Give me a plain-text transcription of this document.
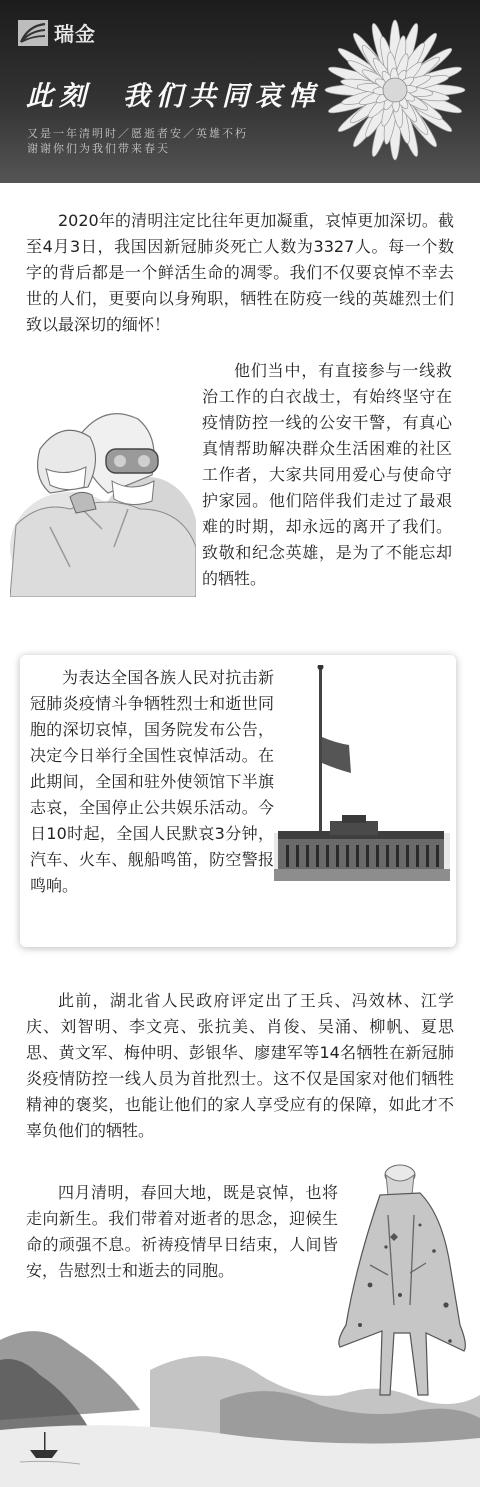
瑞金
此刻  我们共同哀悼
又是一年清明时／愿逝者安／英雄不朽
谢谢你们为我们带来春天

2020年的清明注定比往年更加凝重，哀悼更加深切。截至4月3日，我国因新冠肺炎死亡人数为3327人。每一个数字的背后都是一个鲜活生命的凋零。我们不仅要哀悼不幸去世的人们，更要向以身殉职，牺牲在防疫一线的英雄烈士们致以最深切的缅怀！

他们当中，有直接参与一线救治工作的白衣战士，有始终坚守在疫情防控一线的公安干警，有真心真情帮助解决群众生活困难的社区工作者，大家共同用爱心与使命守护家园。他们陪伴我们走过了最艰难的时期，却永远的离开了我们。致敬和纪念英雄，是为了不能忘却的牺牲。

为表达全国各族人民对抗击新冠肺炎疫情斗争牺牲烈士和逝世同胞的深切哀悼，国务院发布公告，决定今日举行全国性哀悼活动。在此期间，全国和驻外使领馆下半旗志哀，全国停止公共娱乐活动。今日10时起，全国人民默哀3分钟，汽车、火车、舰船鸣笛，防空警报鸣响。

此前，湖北省人民政府评定出了王兵、冯效林、江学庆、刘智明、李文亮、张抗美、肖俊、吴涌、柳帆、夏思思、黄文军、梅仲明、彭银华、廖建军等14名牺牲在新冠肺炎疫情防控一线人员为首批烈士。这不仅是国家对他们牺牲精神的褒奖，也能让他们的家人享受应有的保障，如此才不辜负他们的牺牲。

四月清明，春回大地，既是哀悼，也将走向新生。我们带着对逝者的思念，迎候生命的顽强不息。祈祷疫情早日结束，人间皆安，告慰烈士和逝去的同胞。
